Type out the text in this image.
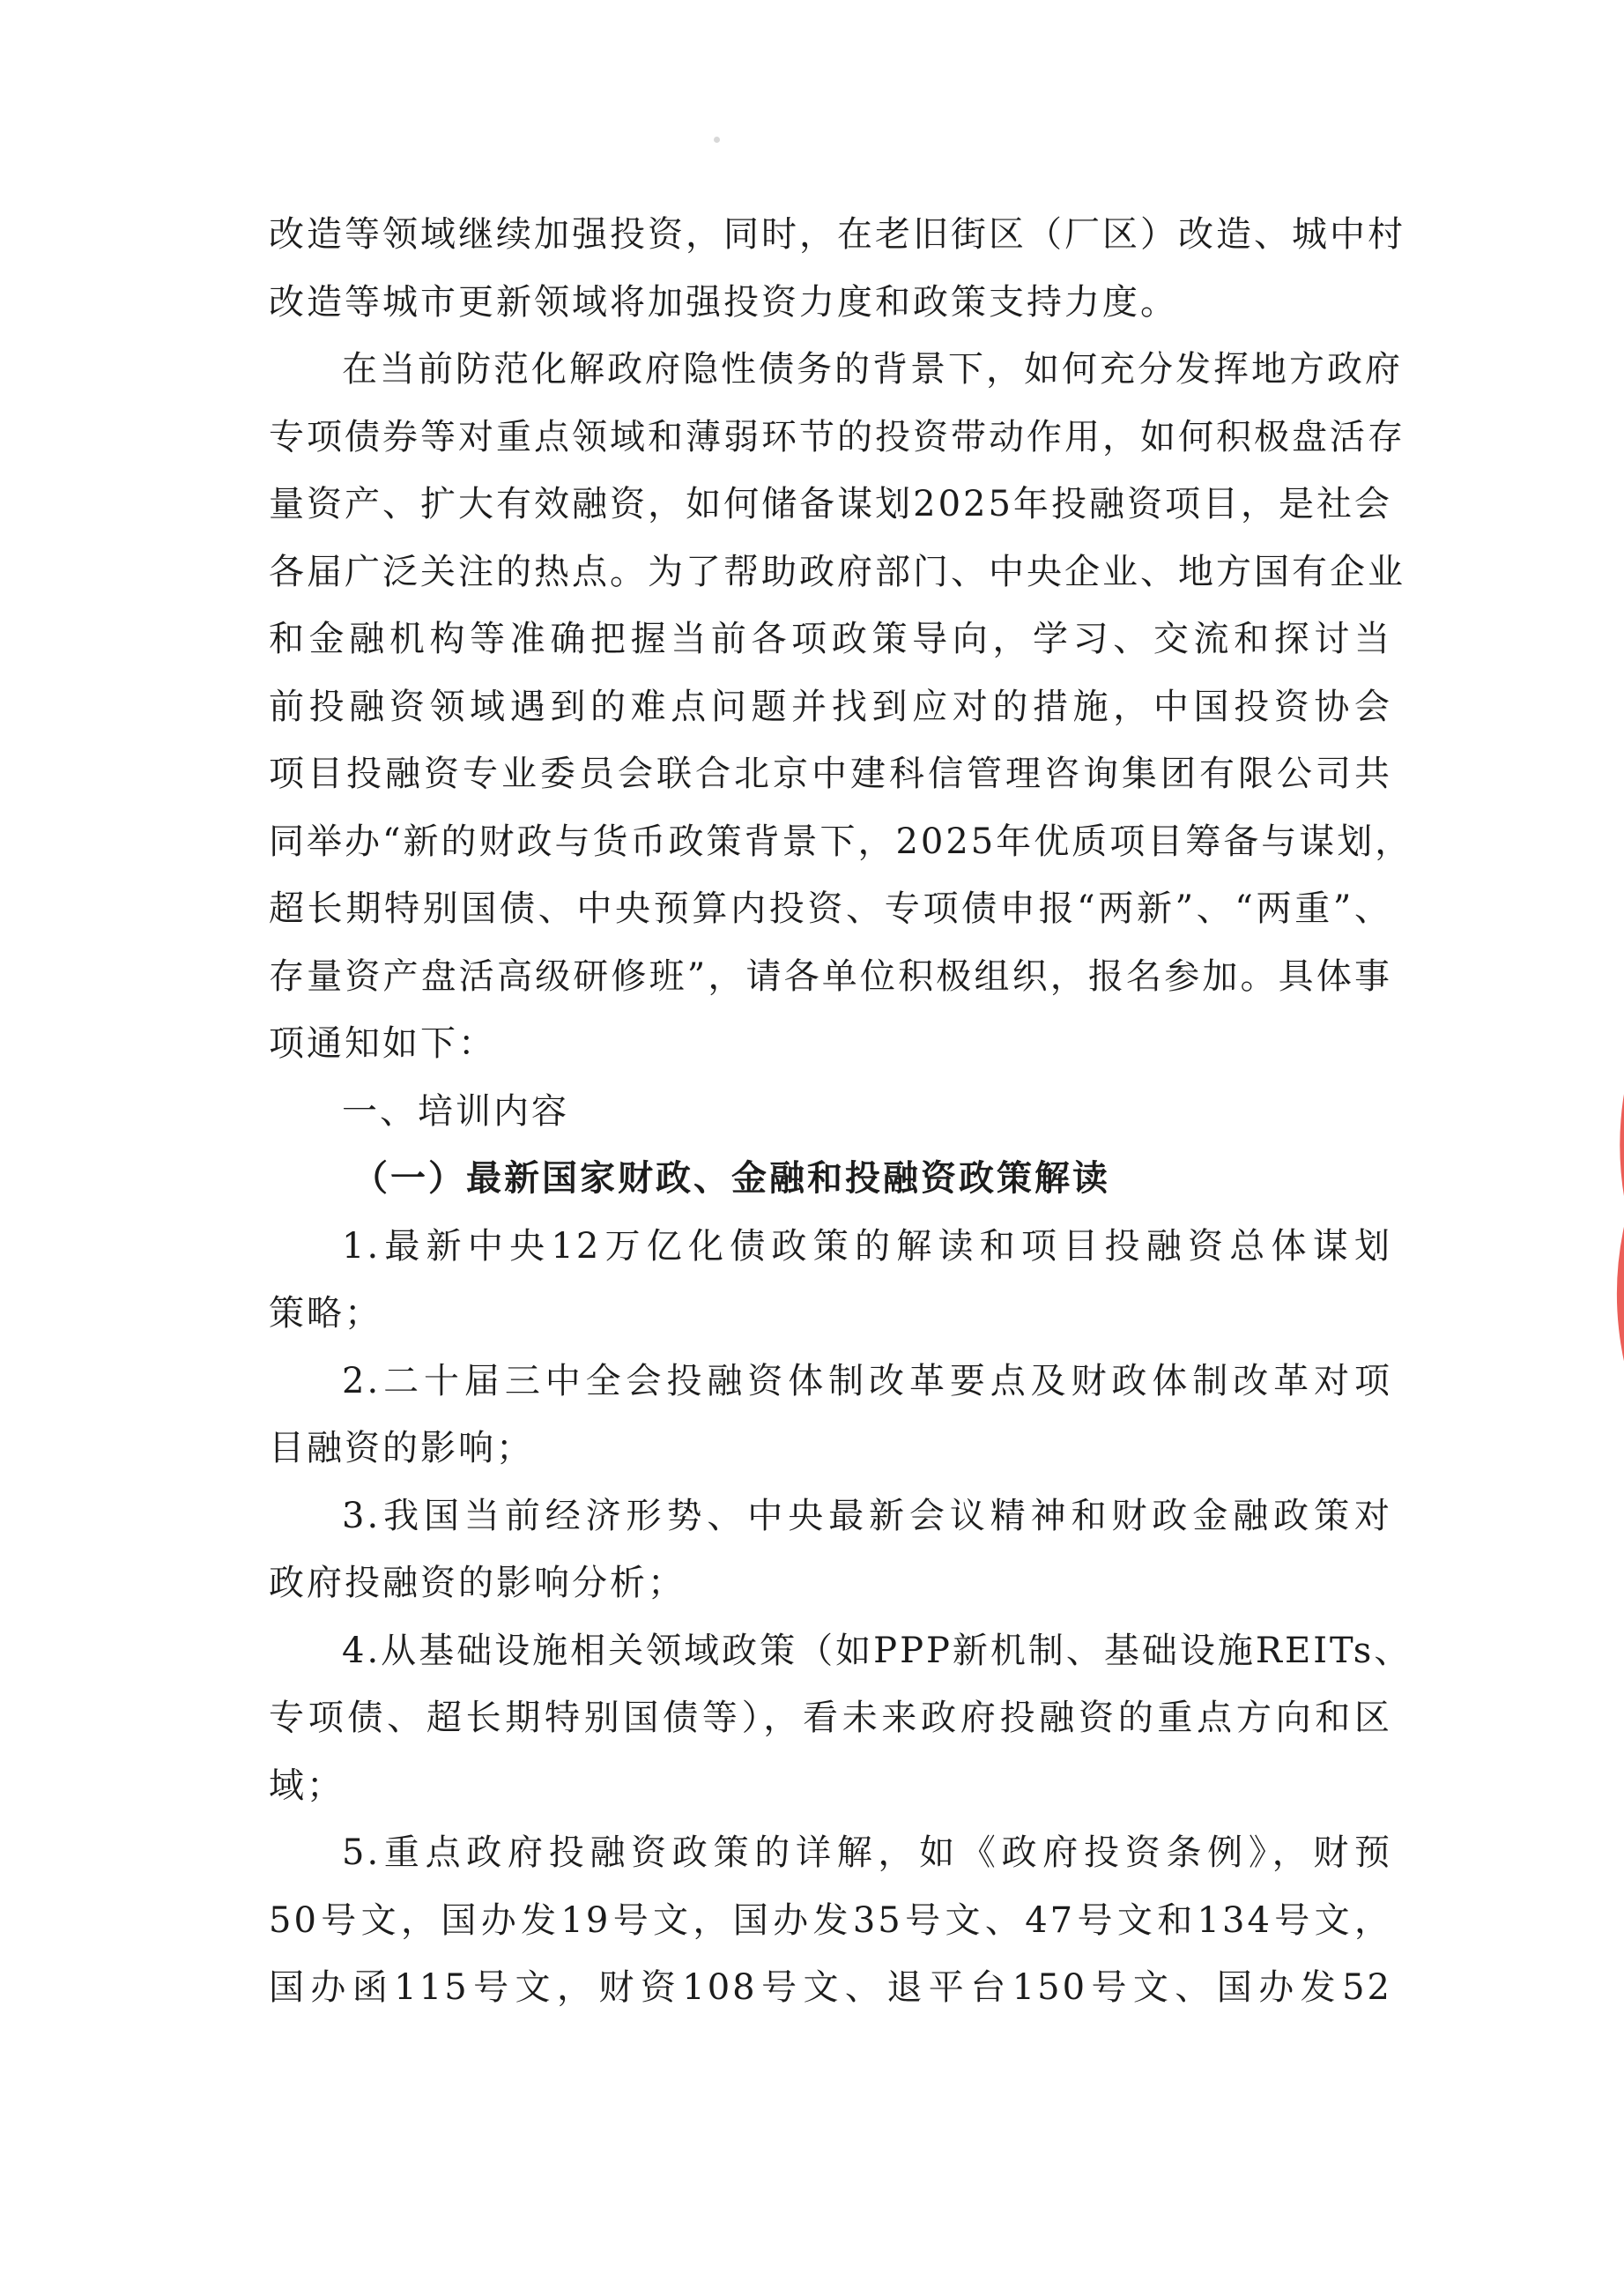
改造等领域继续加强投资，同时，在老旧街区（厂区）改造、城中村
改造等城市更新领域将加强投资力度和政策支持力度。
在当前防范化解政府隐性债务的背景下，如何充分发挥地方政府
专项债券等对重点领域和薄弱环节的投资带动作用，如何积极盘活存
量资产、扩大有效融资，如何储备谋划2025年投融资项目，是社会
各届广泛关注的热点。为了帮助政府部门、中央企业、地方国有企业
和金融机构等准确把握当前各项政策导向，学习、交流和探讨当
前投融资领域遇到的难点问题并找到应对的措施，中国投资协会
项目投融资专业委员会联合北京中建科信管理咨询集团有限公司共
同举办“新的财政与货币政策背景下，2025年优质项目筹备与谋划，
超长期特别国债、中央预算内投资、专项债申报“两新”、“两重”、
存量资产盘活高级研修班”，请各单位积极组织，报名参加。具体事
项通知如下：
一、培训内容
（一）最新国家财政、金融和投融资政策解读
1.最新中央12万亿化债政策的解读和项目投融资总体谋划
策略；
2.二十届三中全会投融资体制改革要点及财政体制改革对项
目融资的影响；
3.我国当前经济形势、中央最新会议精神和财政金融政策对
政府投融资的影响分析；
4.从基础设施相关领域政策（如PPP新机制、基础设施REITs、
专项债、超长期特别国债等），看未来政府投融资的重点方向和区
域；
5.重点政府投融资政策的详解，如《政府投资条例》，财预
50号文，国办发19号文，国办发35号文、47号文和134号文，
国办函115号文，财资108号文、退平台150号文、国办发52
